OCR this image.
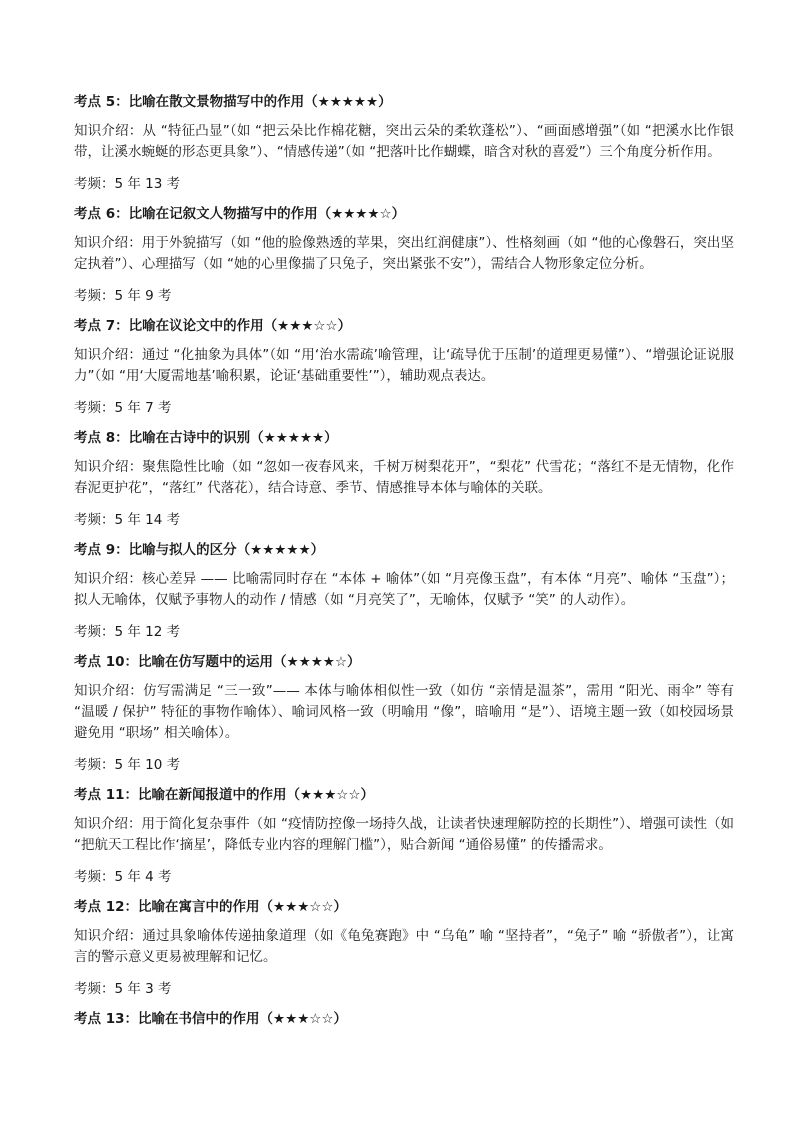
考点 5：比喻在散文景物描写中的作用（★★★★★）

知识介绍：从 “特征凸显”（如 “把云朵比作棉花糖，突出云朵的柔软蓬松”）、“画面感增强”（如 “把溪水比作银带，让溪水蜿蜒的形态更具象”）、“情感传递”（如 “把落叶比作蝴蝶，暗含对秋的喜爱”）三个角度分析作用。

考频：5 年 13 考

考点 6：比喻在记叙文人物描写中的作用（★★★★☆）

知识介绍：用于外貌描写（如 “他的脸像熟透的苹果，突出红润健康”）、性格刻画（如 “他的心像磐石，突出坚定执着”）、心理描写（如 “她的心里像揣了只兔子，突出紧张不安”），需结合人物形象定位分析。

考频：5 年 9 考

考点 7：比喻在议论文中的作用（★★★☆☆）

知识介绍：通过 “化抽象为具体”（如 “用‘治水需疏’喻管理，让‘疏导优于压制’的道理更易懂”）、“增强论证说服力”（如 “用‘大厦需地基’喻积累，论证‘基础重要性’”），辅助观点表达。

考频：5 年 7 考

考点 8：比喻在古诗中的识别（★★★★★）

知识介绍：聚焦隐性比喻（如 “忽如一夜春风来，千树万树梨花开”，“梨花” 代雪花；“落红不是无情物，化作春泥更护花”，“落红” 代落花），结合诗意、季节、情感推导本体与喻体的关联。

考频：5 年 14 考

考点 9：比喻与拟人的区分（★★★★★）

知识介绍：核心差异 —— 比喻需同时存在 “本体 + 喻体”（如 “月亮像玉盘”，有本体 “月亮”、喻体 “玉盘”）；拟人无喻体，仅赋予事物人的动作 / 情感（如 “月亮笑了”，无喻体，仅赋予 “笑” 的人动作）。

考频：5 年 12 考

考点 10：比喻在仿写题中的运用（★★★★☆）

知识介绍：仿写需满足 “三一致”—— 本体与喻体相似性一致（如仿 “亲情是温茶”，需用 “阳光、雨伞” 等有 “温暖 / 保护” 特征的事物作喻体）、喻词风格一致（明喻用 “像”，暗喻用 “是”）、语境主题一致（如校园场景避免用 “职场” 相关喻体）。

考频：5 年 10 考

考点 11：比喻在新闻报道中的作用（★★★☆☆）

知识介绍：用于简化复杂事件（如 “疫情防控像一场持久战，让读者快速理解防控的长期性”）、增强可读性（如 “把航天工程比作‘摘星’，降低专业内容的理解门槛”），贴合新闻 “通俗易懂” 的传播需求。

考频：5 年 4 考

考点 12：比喻在寓言中的作用（★★★☆☆）

知识介绍：通过具象喻体传递抽象道理（如《龟兔赛跑》中 “乌龟” 喻 “坚持者”，“兔子” 喻 “骄傲者”），让寓言的警示意义更易被理解和记忆。

考频：5 年 3 考

考点 13：比喻在书信中的作用（★★★☆☆）
